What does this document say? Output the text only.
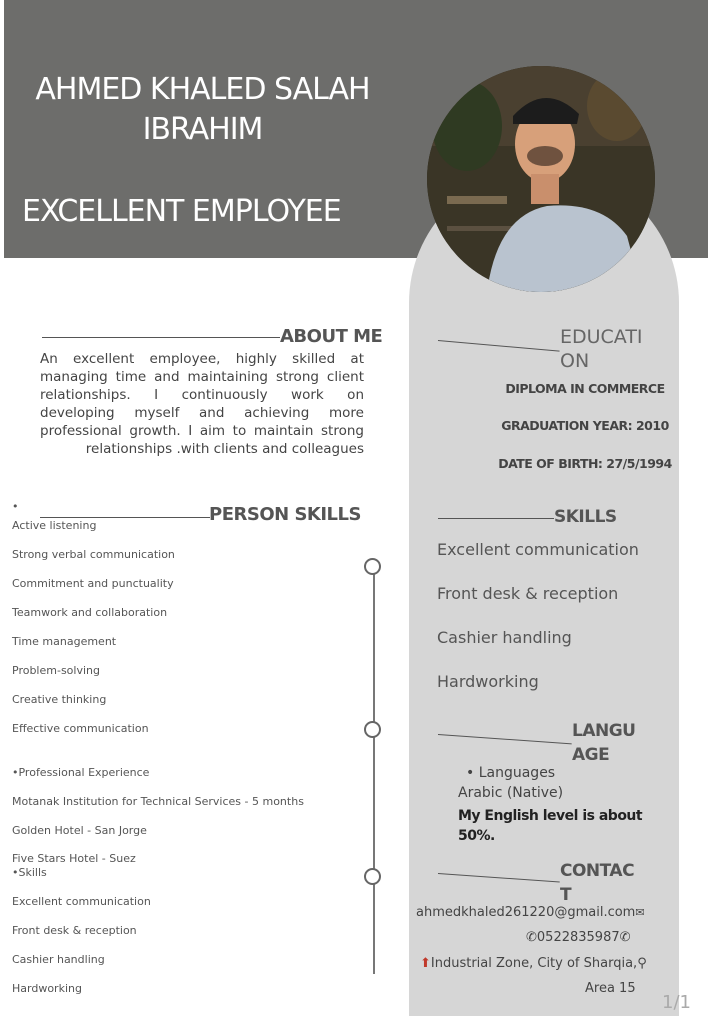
AHMED KHALED SALAH
IBRAHIM
EXCELLENT EMPLOYEE
ABOUT ME
An excellent employee, highly skilled at managing time and maintaining strong client relationships. I continuously work on developing myself and achieving more professional growth. I aim to maintain strong relationships .with clients and colleagues
•	PERSON SKILLS
Active listening
Strong verbal communication
Commitment and punctuality
Teamwork and collaboration
Time management
Problem-solving
Creative thinking
Effective communication
•Professional Experience
Motanak Institution for Technical Services - 5 months
Golden Hotel - San Jorge
Five Stars Hotel - Suez
•Skills
Excellent communication
Front desk & reception
Cashier handling
Hardworking
EDUCATI
ON
DIPLOMA IN COMMERCE
GRADUATION YEAR: 2010
DATE OF BIRTH: 27/5/1994
SKILLS
Excellent communication
Front desk & reception
Cashier handling
Hardworking
LANGU
AGE
• Languages
Arabic (Native)
My English level is about 50%.
CONTAC
T
ahmedkhaled261220@gmail.com✉
✆0522835987✆
⬆Industrial Zone, City of Sharqia,⚲
Area 15
1/1
